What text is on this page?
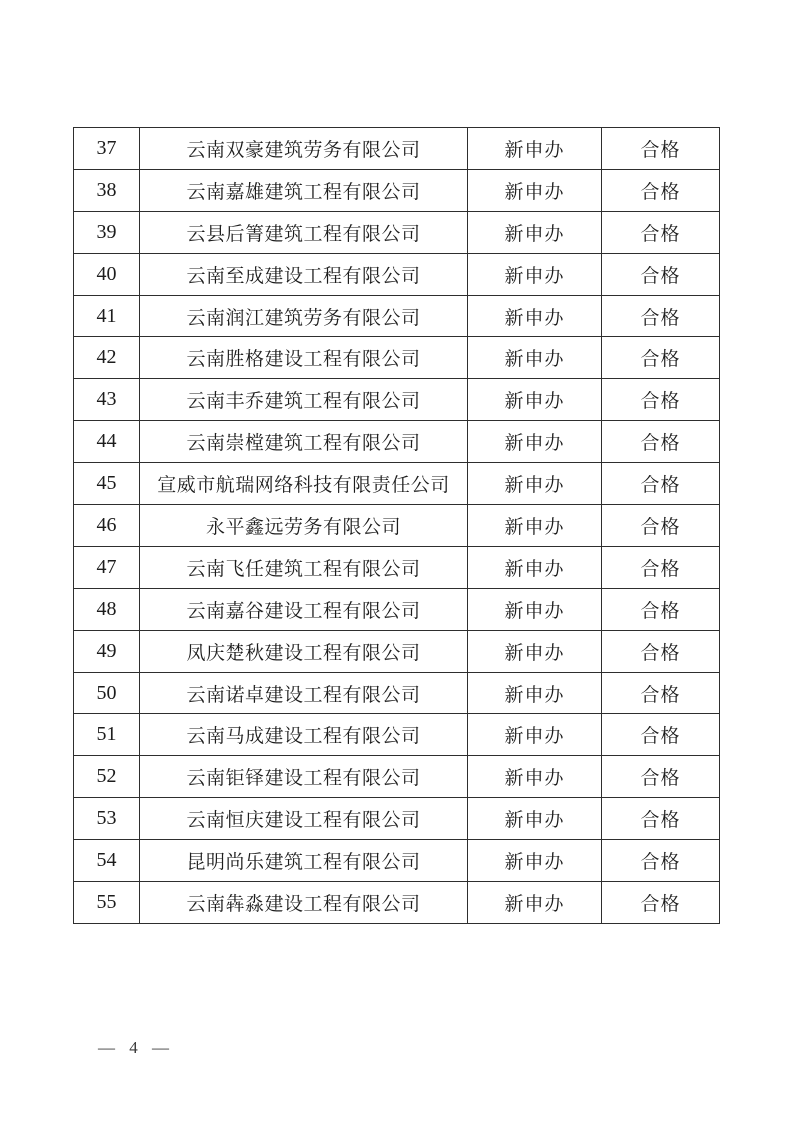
37	云南双豪建筑劳务有限公司	新申办	合格
38	云南嘉雄建筑工程有限公司	新申办	合格
39	云县后箐建筑工程有限公司	新申办	合格
40	云南至成建设工程有限公司	新申办	合格
41	云南润江建筑劳务有限公司	新申办	合格
42	云南胜格建设工程有限公司	新申办	合格
43	云南丰乔建筑工程有限公司	新申办	合格
44	云南崇樘建筑工程有限公司	新申办	合格
45	宣威市航瑞网络科技有限责任公司	新申办	合格
46	永平鑫远劳务有限公司	新申办	合格
47	云南飞任建筑工程有限公司	新申办	合格
48	云南嘉谷建设工程有限公司	新申办	合格
49	凤庆楚秋建设工程有限公司	新申办	合格
50	云南诺卓建设工程有限公司	新申办	合格
51	云南马成建设工程有限公司	新申办	合格
52	云南钜铎建设工程有限公司	新申办	合格
53	云南恒庆建设工程有限公司	新申办	合格
54	昆明尚乐建筑工程有限公司	新申办	合格
55	云南犇淼建设工程有限公司	新申办	合格
— 4 —
